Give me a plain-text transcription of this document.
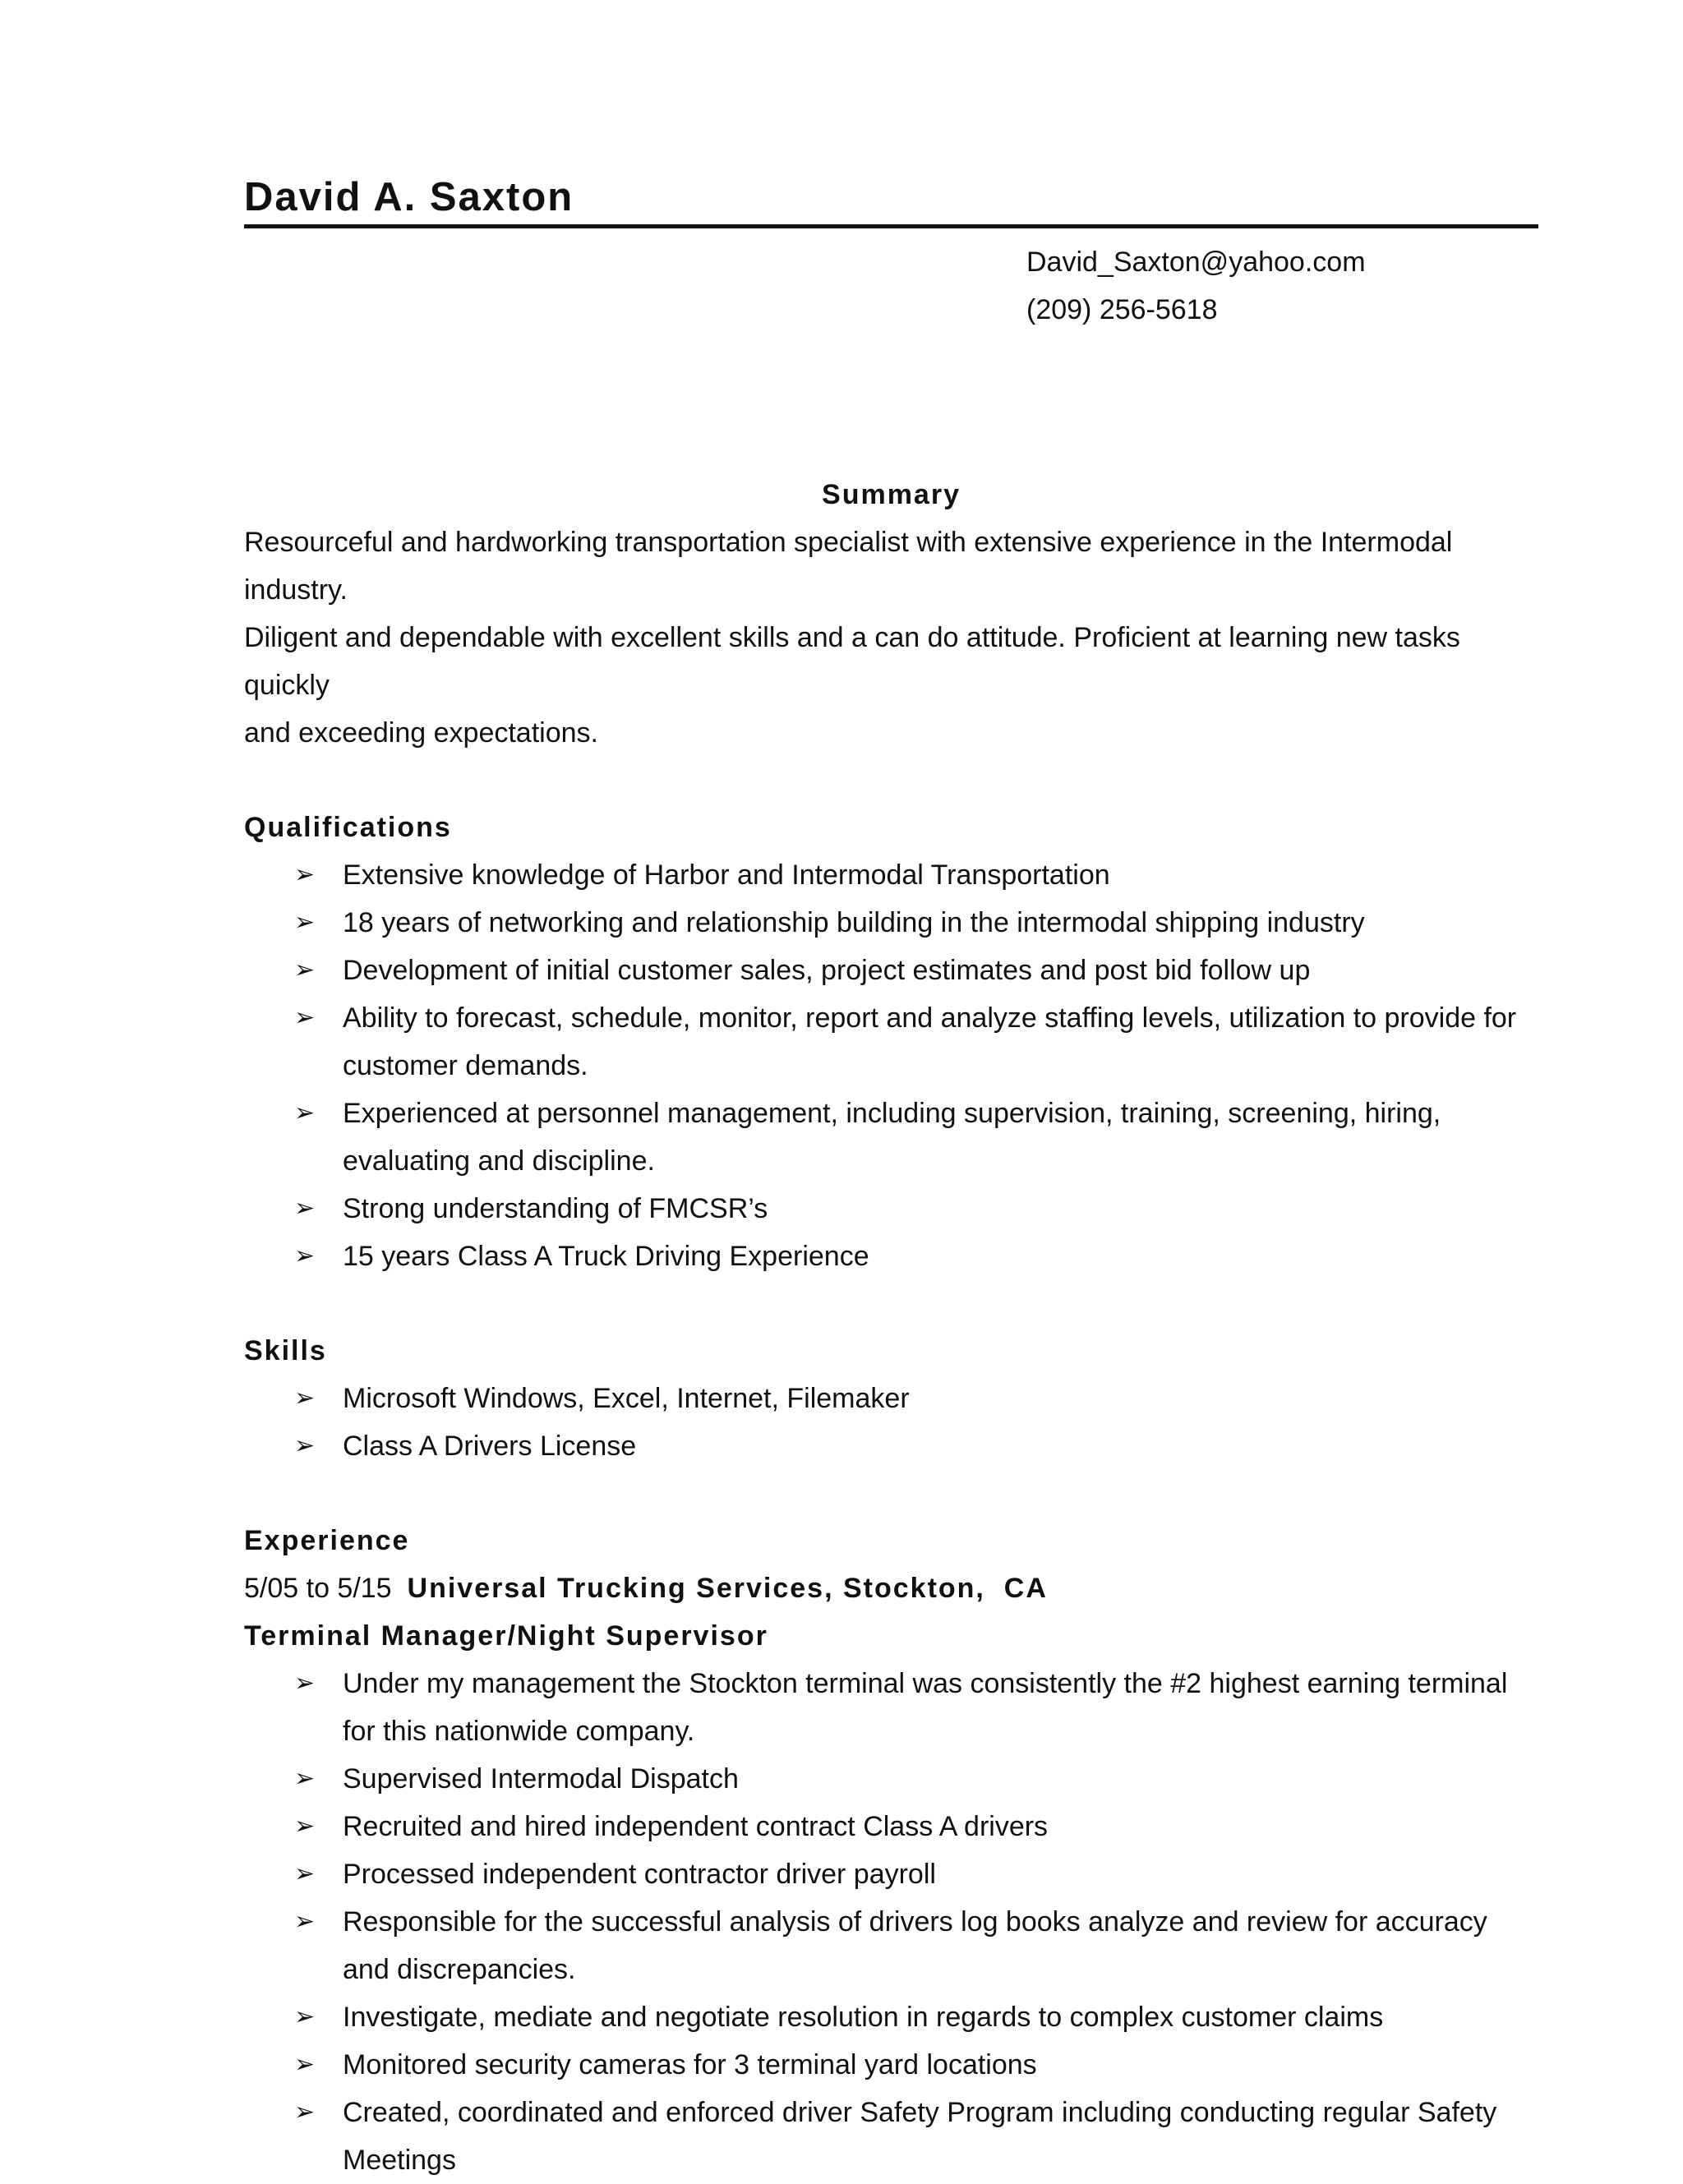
David A. Saxton
David_Saxton@yahoo.com
(209) 256-5618
Summary
Resourceful and hardworking transportation specialist with extensive experience in the Intermodal industry.
Diligent and dependable with excellent skills and a can do attitude. Proficient at learning new tasks quickly
and exceeding expectations.
Qualifications
➢ Extensive knowledge of Harbor and Intermodal Transportation
➢ 18 years of networking and relationship building in the intermodal shipping industry
➢ Development of initial customer sales, project estimates and post bid follow up
➢ Ability to forecast, schedule, monitor, report and analyze staffing levels, utilization to provide for customer demands.
➢ Experienced at personnel management, including supervision, training, screening, hiring, evaluating and discipline.
➢ Strong understanding of FMCSR’s
➢ 15 years Class A Truck Driving Experience
Skills
➢ Microsoft Windows, Excel, Internet, Filemaker
➢ Class A Drivers License
Experience
5/05 to 5/15 Universal Trucking Services, Stockton,  CA
Terminal Manager/Night Supervisor
➢ Under my management the Stockton terminal was consistently the #2 highest earning terminal for this nationwide company.
➢ Supervised Intermodal Dispatch
➢ Recruited and hired independent contract Class A drivers
➢ Processed independent contractor driver payroll
➢ Responsible for the successful analysis of drivers log books analyze and review for accuracy and discrepancies.
➢ Investigate, mediate and negotiate resolution in regards to complex customer claims
➢ Monitored security cameras for 3 terminal yard locations
➢ Created, coordinated and enforced driver Safety Program including conducting regular Safety Meetings
